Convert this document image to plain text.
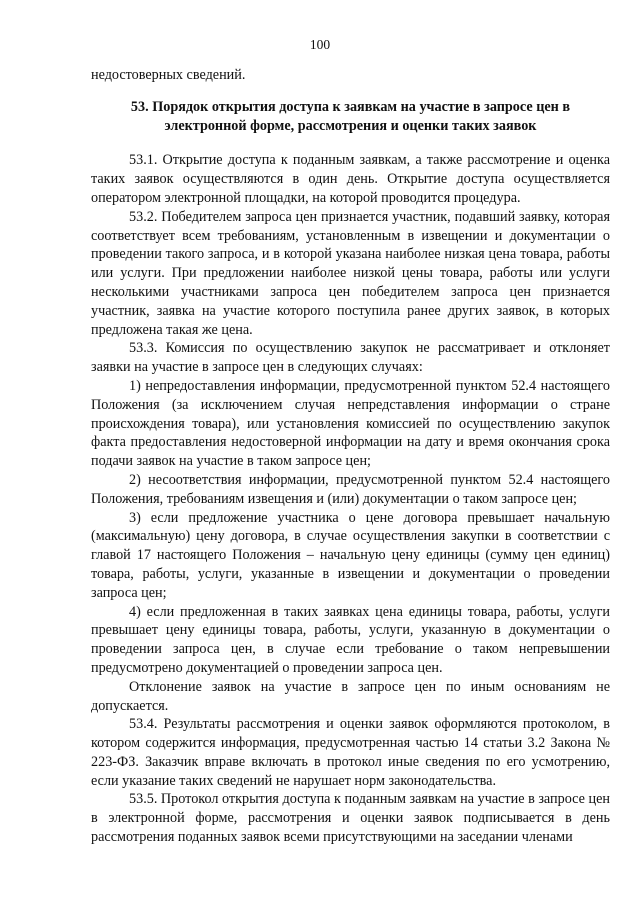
100

недостоверных сведений.

53. Порядок открытия доступа к заявкам на участие в запросе цен в электронной форме, рассмотрения и оценки таких заявок

53.1. Открытие доступа к поданным заявкам, а также рассмотрение и оценка таких заявок осуществляются в один день. Открытие доступа осуществляется оператором электронной площадки, на которой проводится процедура.

53.2. Победителем запроса цен признается участник, подавший заявку, которая соответствует всем требованиям, установленным в извещении и документации о проведении такого запроса, и в которой указана наиболее низкая цена товара, работы или услуги. При предложении наиболее низкой цены товара, работы или услуги несколькими участниками запроса цен победителем запроса цен признается участник, заявка на участие которого поступила ранее других заявок, в которых предложена такая же цена.

53.3. Комиссия по осуществлению закупок не рассматривает и отклоняет заявки на участие в запросе цен в следующих случаях:

1) непредоставления информации, предусмотренной пунктом 52.4 настоящего Положения (за исключением случая непредставления информации о стране происхождения товара), или установления комиссией по осуществлению закупок факта предоставления недостоверной информации на дату и время окончания срока подачи заявок на участие в таком запросе цен;

2) несоответствия информации, предусмотренной пунктом 52.4 настоящего Положения, требованиям извещения и (или) документации о таком запросе цен;

3) если предложение участника о цене договора превышает начальную (максимальную) цену договора, в случае осуществления закупки в соответствии с главой 17 настоящего Положения – начальную цену единицы (сумму цен единиц) товара, работы, услуги, указанные в извещении и документации о проведении запроса цен;

4) если предложенная в таких заявках цена единицы товара, работы, услуги превышает цену единицы товара, работы, услуги, указанную в документации о проведении запроса цен, в случае если требование о таком непревышении предусмотрено документацией о проведении запроса цен.

Отклонение заявок на участие в запросе цен по иным основаниям не допускается.

53.4. Результаты рассмотрения и оценки заявок оформляются протоколом, в котором содержится информация, предусмотренная частью 14 статьи 3.2 Закона № 223-ФЗ. Заказчик вправе включать в протокол иные сведения по его усмотрению, если указание таких сведений не нарушает норм законодательства.

53.5. Протокол открытия доступа к поданным заявкам на участие в запросе цен в электронной форме, рассмотрения и оценки заявок подписывается в день рассмотрения поданных заявок всеми присутствующими на заседании членами
